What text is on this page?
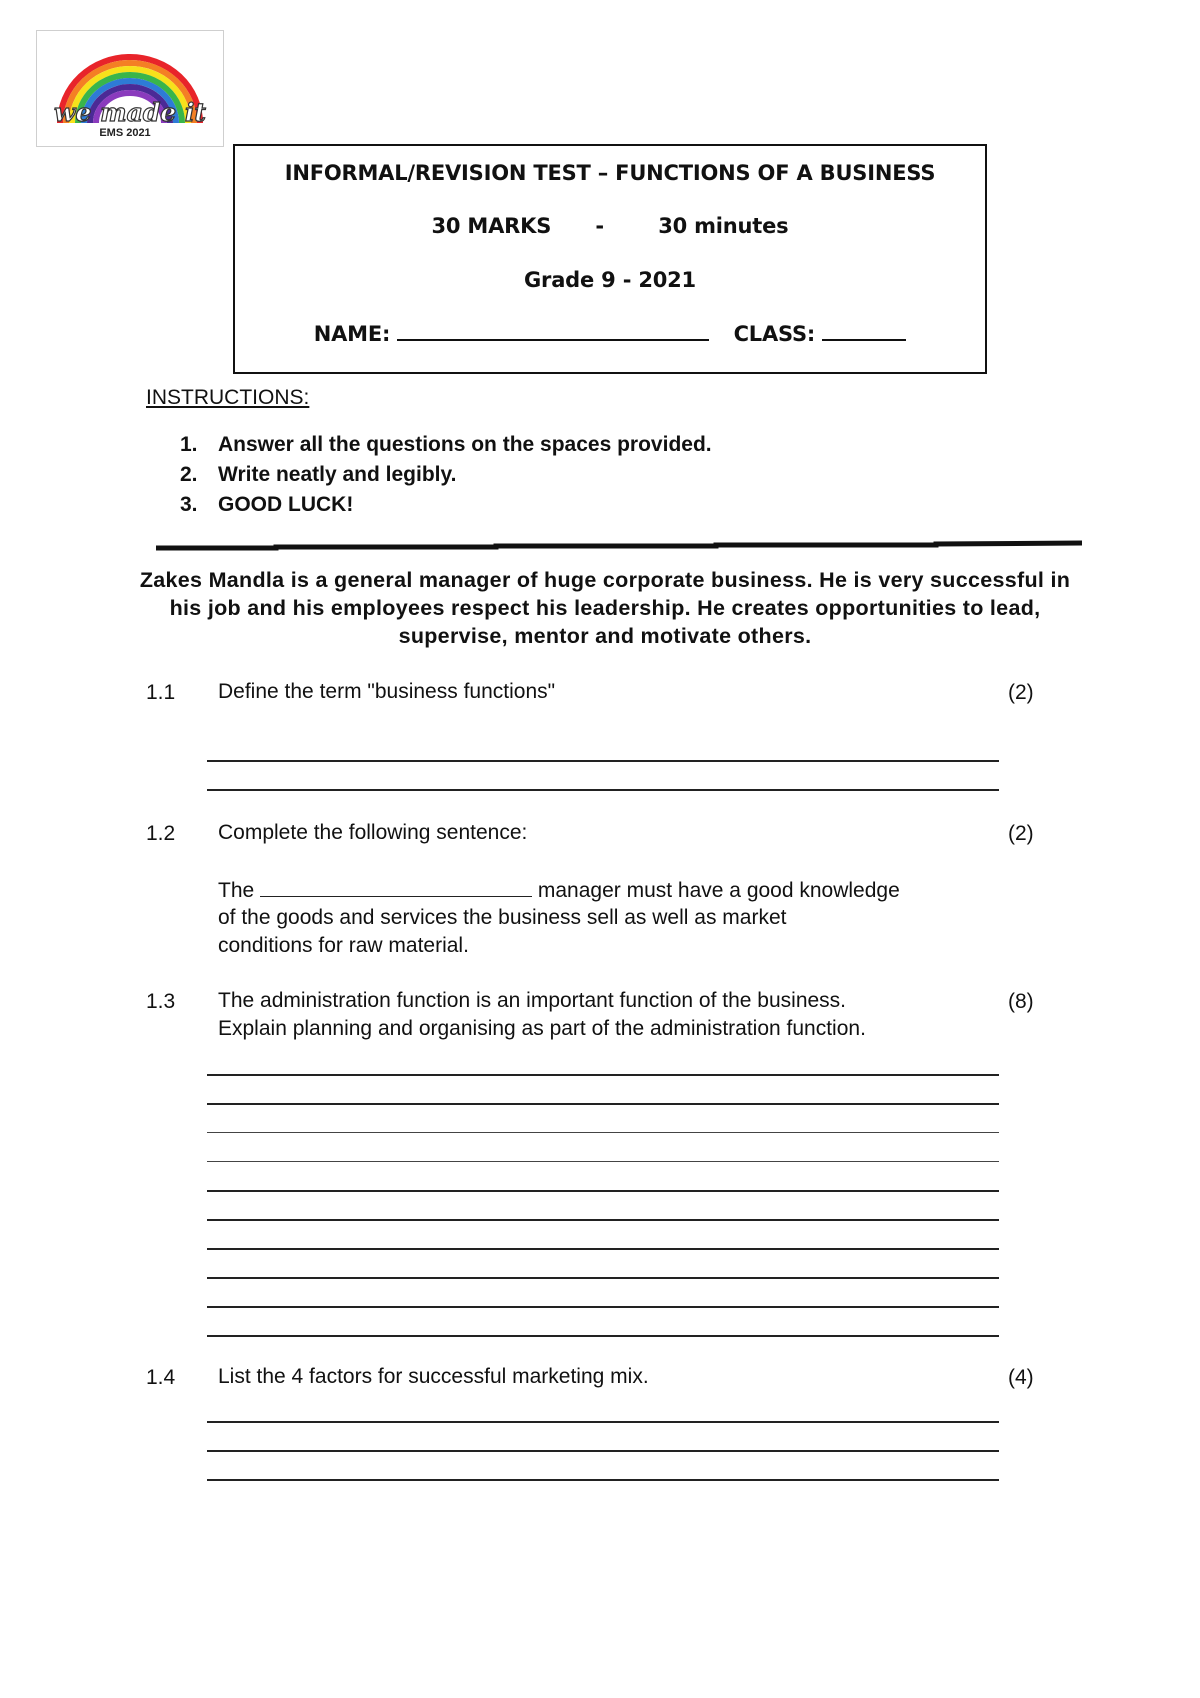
we made it
EMS 2021
INFORMAL/REVISION TEST – FUNCTIONS OF A BUSINESS
30 MARKS -	30 minutes
Grade 9 - 2021
NAME:	CLASS:
INSTRUCTIONS:
1. Answer all the questions on the spaces provided.
2. Write neatly and legibly.
3. GOOD LUCK!
Zakes Mandla is a general manager of huge corporate business. He is very successful in his job and his employees respect his leadership. He creates opportunities to lead, supervise, mentor and motivate others.
1.1 Define the term "business functions"	(2)
1.2 Complete the following sentence:	(2)
The	manager must have a good knowledge
of the goods and services the business sell as well as market
conditions for raw material.
1.3 The administration function is an important function of the business.
Explain planning and organising as part of the administration function.
(8)
1.4 List the 4 factors for successful marketing mix.	(4)
